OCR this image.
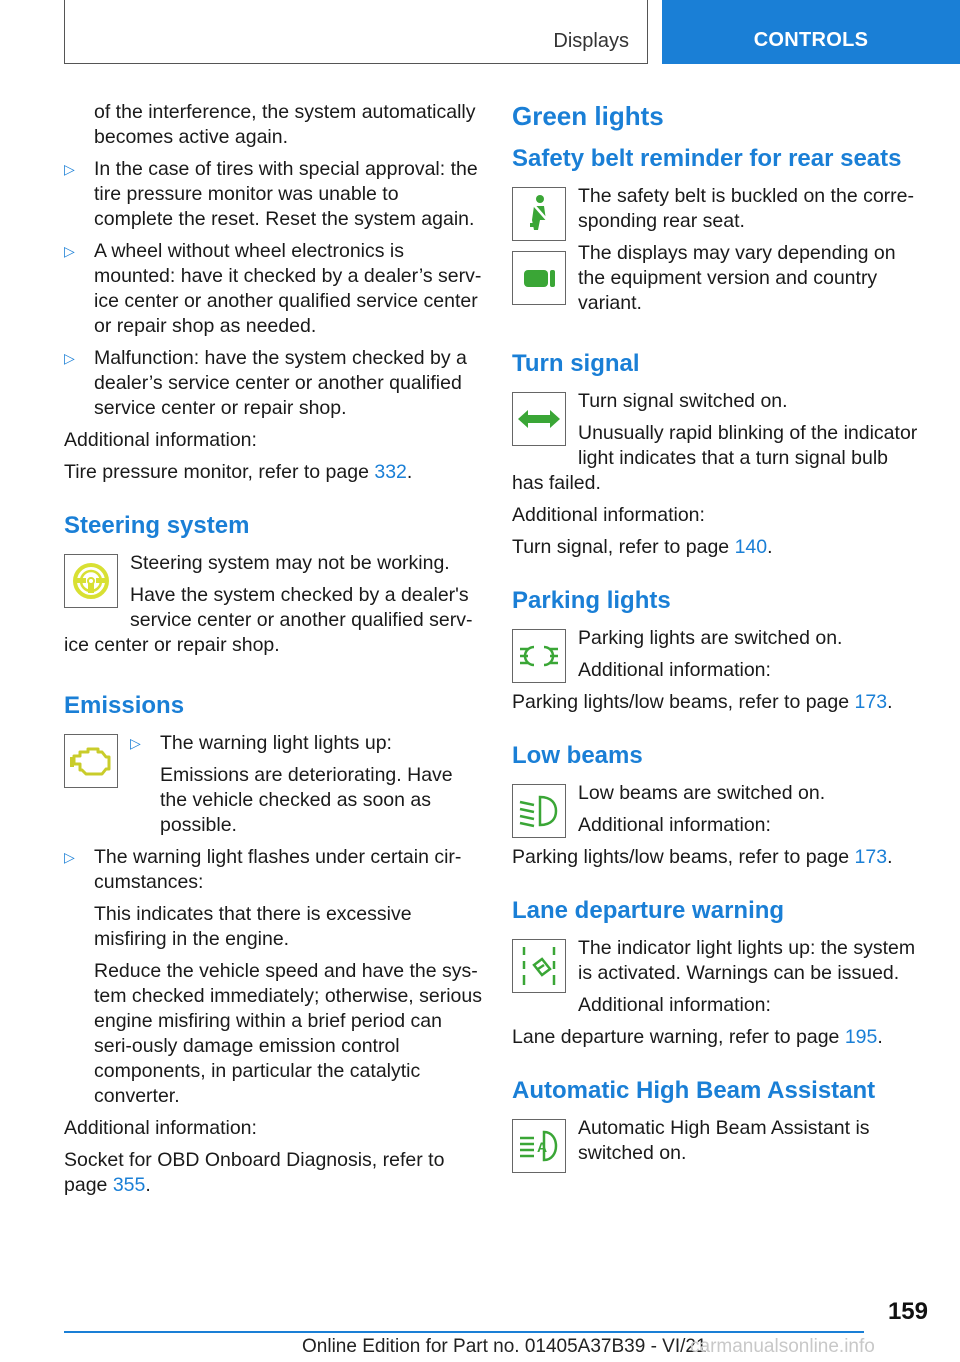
Displays	CONTROLS

of the interference, the system automatically becomes active again.

▷ In the case of tires with special approval: the tire pressure monitor was unable to complete the reset. Reset the system again.

▷ A wheel without wheel electronics is mounted: have it checked by a dealer’s serv-ice center or another qualified service center or repair shop as needed.

▷ Malfunction: have the system checked by a dealer’s service center or another qualified service center or repair shop.

Additional information:

Tire pressure monitor, refer to page 332.

Steering system

Steering system may not be working.

Have the system checked by a dealer's service center or another qualified serv-ice center or repair shop.

Emissions
▷ The warning light lights up:

Emissions are deteriorating. Have the vehicle checked as soon as possible.

▷ The warning light flashes under certain cir-cumstances:

This indicates that there is excessive misfiring in the engine.

Reduce the vehicle speed and have the sys-tem checked immediately; otherwise, serious engine misfiring within a brief period can seri-ously damage emission control components, in particular the catalytic converter.

Additional information:

Socket for OBD Onboard Diagnosis, refer to page 355.

Green lights
Safety belt reminder for rear seats

The safety belt is buckled on the corre-sponding rear seat.

The displays may vary depending on the equipment version and country variant.

Turn signal

Turn signal switched on.

Unusually rapid blinking of the indicator light indicates that a turn signal bulb has failed.

Additional information:

Turn signal, refer to page 140.

Parking lights

Parking lights are switched on.

Additional information:

Parking lights/low beams, refer to page 173.

Low beams

Low beams are switched on.

Additional information:

Parking lights/low beams, refer to page 173.

Lane departure warning

The indicator light lights up: the system is activated. Warnings can be issued.

Additional information:

Lane departure warning, refer to page 195.

Automatic High Beam Assistant
A

Automatic High Beam Assistant is switched on.

159
Online Edition for Part no. 01405A37B39 - VI/21
carmanualsonline.info
